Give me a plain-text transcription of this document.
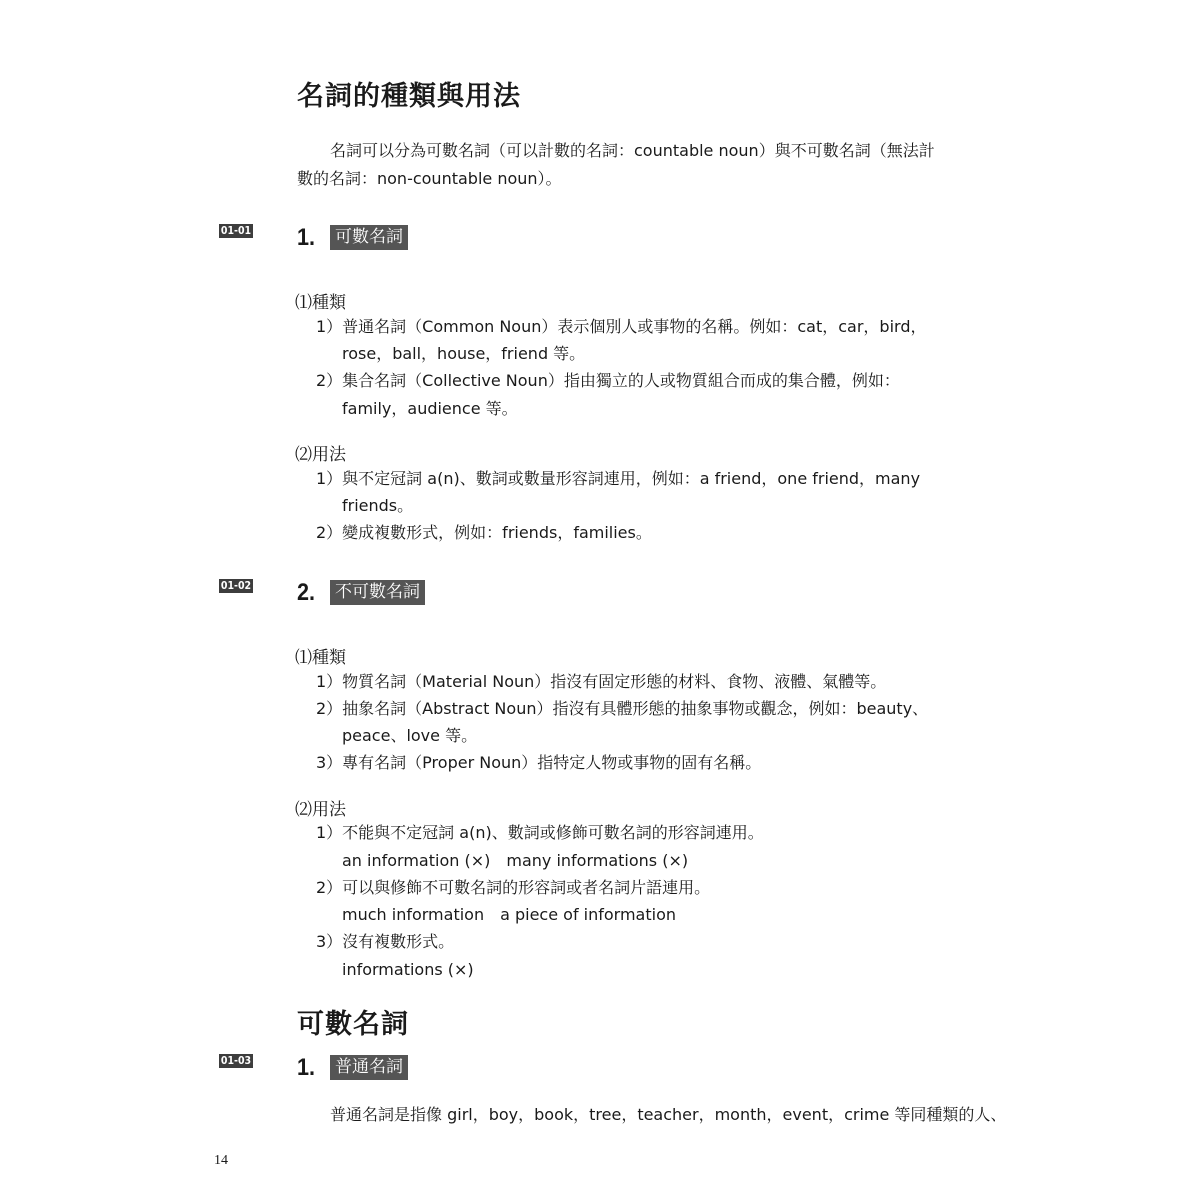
名詞的種類與用法
名詞可以分為可數名詞（可以計數的名詞：countable noun）與不可數名詞（無法計
數的名詞：non-countable noun）。
01-01 1. 可數名詞
⑴種類
1）普通名詞（Common Noun）表示個別人或事物的名稱。例如：cat，car，bird，
rose，ball，house，friend 等。
2）集合名詞（Collective Noun）指由獨立的人或物質組合而成的集合體，例如：
family，audience 等。
⑵用法
1）與不定冠詞 a(n)、數詞或數量形容詞連用，例如：a friend，one friend，many
friends。
2）變成複數形式，例如：friends，families。
01-02 2. 不可數名詞
⑴種類
1）物質名詞（Material Noun）指沒有固定形態的材料、食物、液體、氣體等。
2）抽象名詞（Abstract Noun）指沒有具體形態的抽象事物或觀念，例如：beauty、
peace、love 等。
3）專有名詞（Proper Noun）指特定人物或事物的固有名稱。
⑵用法
1）不能與不定冠詞 a(n)、數詞或修飾可數名詞的形容詞連用。
an information (×)　many informations (×)
2）可以與修飾不可數名詞的形容詞或者名詞片語連用。
much information　a piece of information
3）沒有複數形式。
informations (×)
可數名詞
01-03 1. 普通名詞
普通名詞是指像 girl，boy，book，tree，teacher，month，event，crime 等同種類的人、
14
